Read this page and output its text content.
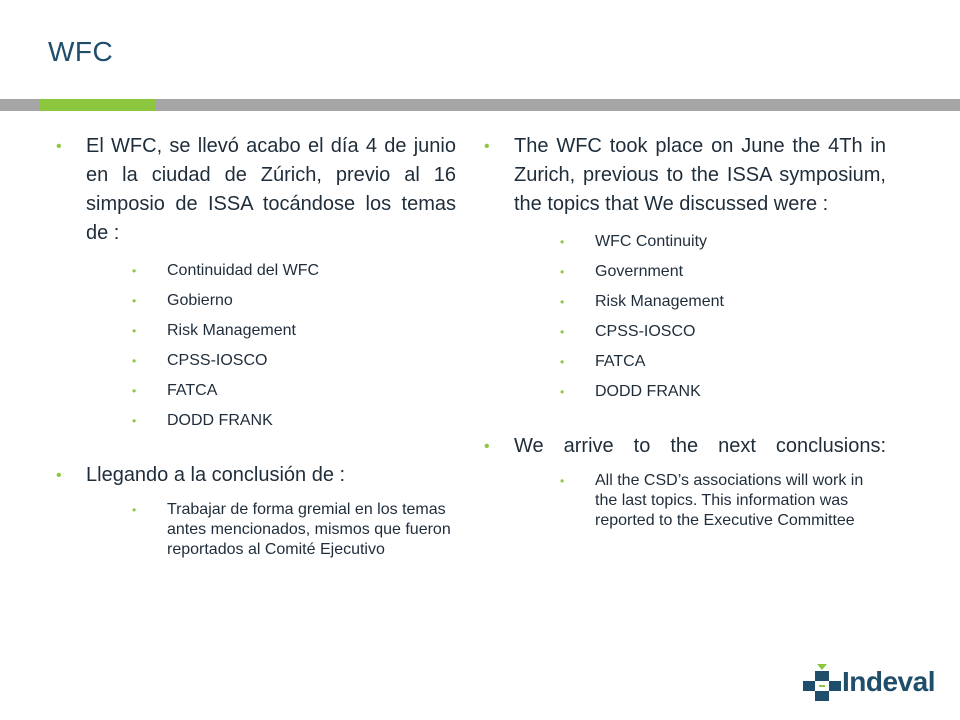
WFC
• El WFC, se llevó acabo el día 4 de junio en la ciudad de Zúrich, previo al 16 simposio de ISSA tocándose los temas de :
• Continuidad del WFC
• Gobierno
• Risk Management
• CPSS-IOSCO
• FATCA
• DODD FRANK
• Llegando a la conclusión de :
• Trabajar de forma gremial en los temas antes mencionados, mismos que fueron reportados al Comité Ejecutivo
• The WFC took place on June the 4Th in Zurich, previous to the ISSA symposium, the topics that We discussed were :
• WFC Continuity
• Government
• Risk Management
• CPSS-IOSCO
• FATCA
• DODD FRANK
• We arrive to the next conclusions:
• All the CSD’s associations will work in the last topics. This information was reported to the Executive Committee
Indeval
